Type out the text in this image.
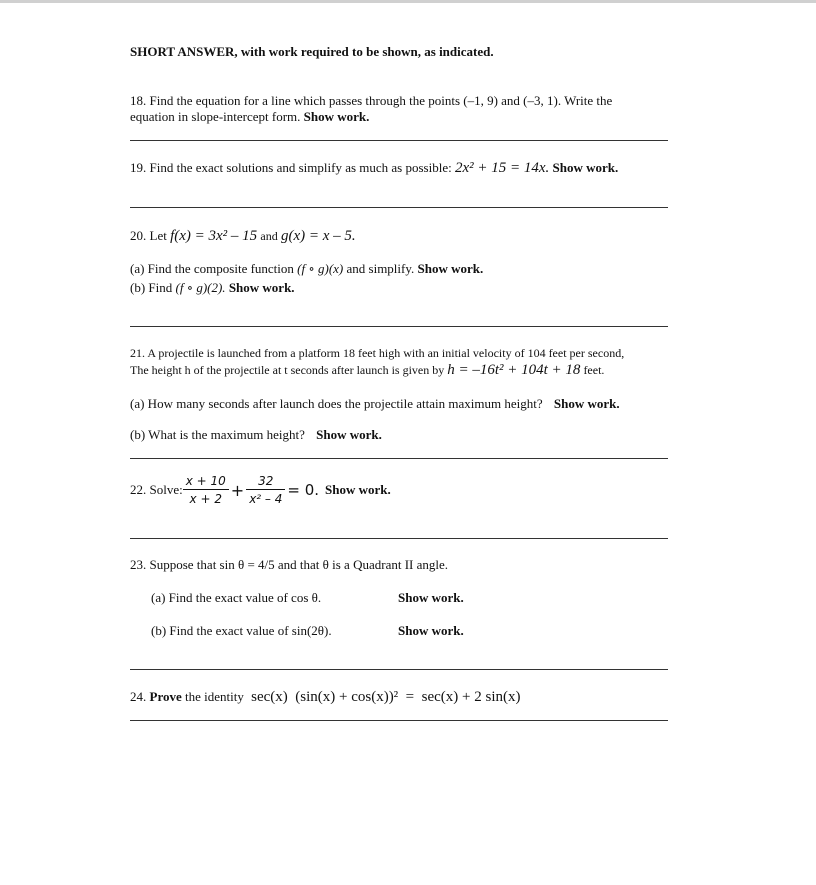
SHORT ANSWER, with work required to be shown, as indicated.
18. Find the equation for a line which passes through the points (–1, 9) and (–3, 1). Write the
equation in slope-intercept form. Show work.
19. Find the exact solutions and simplify as much as possible: 2x² + 15 = 14x. Show work.
20. Let f(x) = 3x² – 15 and g(x) = x – 5.
(a) Find the composite function (f ∘ g)(x) and simplify. Show work.
(b) Find (f ∘ g)(2). Show work.
21. A projectile is launched from a platform 18 feet high with an initial velocity of 104 feet per second,
The height h of the projectile at t seconds after launch is given by h = –16t² + 104t + 18 feet.
(a) How many seconds after launch does the projectile attain maximum height? Show work.
(b) What is the maximum height? Show work.
22. Solve: $\frac{x + 10}{x + 2} + \frac{32}{\text{x² – 4}} = 0$. Show work.
23. Suppose that sin θ = 4/5 and that θ is a Quadrant II angle.
(a) Find the exact value of cos θ.	Show work.
(b) Find the exact value of sin(2θ).	Show work.
24. Prove the identity sec(x)  (sin(x) + cos(x))²  =  sec(x) + 2 sin(x)
